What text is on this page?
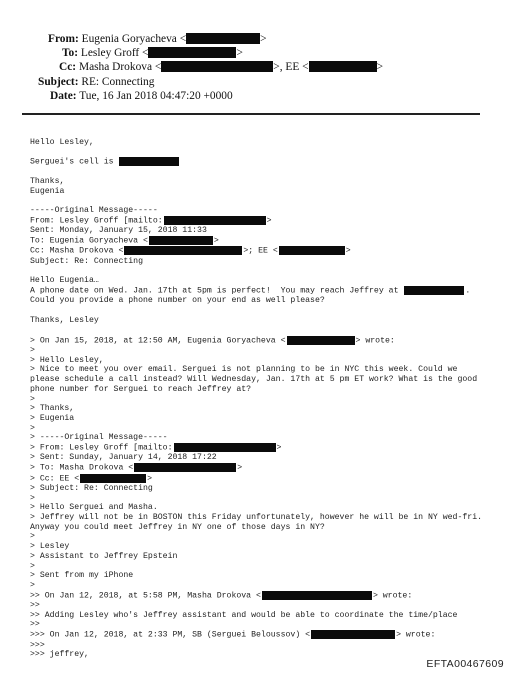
From: Eugenia Goryacheva <	>
To: Lesley Groff <	>
Cc: Masha Drokova <	>, EE <	>
Subject: RE: Connecting
Date: Tue, 16 Jan 2018 04:47:20 +0000

Hello Lesley,

Serguei's cell is

Thanks,
Eugenia

-----Original Message-----
From: Lesley Groff [mailto:	>
Sent: Monday, January 15, 2018 11:33
To: Eugenia Goryacheva <	>
Cc: Masha Drokova <	>; EE <	>
Subject: Re: Connecting

Hello Eugenia…
A phone date on Wed. Jan. 17th at 5pm is perfect!  You may reach Jeffrey at	.
Could you provide a phone number on your end as well please?

Thanks, Lesley

> On Jan 15, 2018, at 12:50 AM, Eugenia Goryacheva <	> wrote:
>
> Hello Lesley,
> Nice to meet you over email. Serguei is not planning to be in NYC this week. Could we
please schedule a call instead? Will Wednesday, Jan. 17th at 5 pm ET work? What is the good
phone number for Serguei to reach Jeffrey at?
>
> Thanks,
> Eugenia
>
> -----Original Message-----
> From: Lesley Groff [mailto:	>
> Sent: Sunday, January 14, 2018 17:22
> To: Masha Drokova <	>
> Cc: EE <	>
> Subject: Re: Connecting
>
> Hello Serguei and Masha.
> Jeffrey will not be in BOSTON this Friday unfortunately, however he will be in NY wed-fri.
Anyway you could meet Jeffrey in NY one of those days in NY?
>
> Lesley
> Assistant to Jeffrey Epstein
>
> Sent from my iPhone
>
>> On Jan 12, 2018, at 5:58 PM, Masha Drokova <	> wrote:
>>
>> Adding Lesley who's Jeffrey assistant and would be able to coordinate the time/place
>>
>>> On Jan 12, 2018, at 2:33 PM, SB (Serguei Beloussov) <	> wrote:
>>>
>>> jeffrey,

EFTA00467609
